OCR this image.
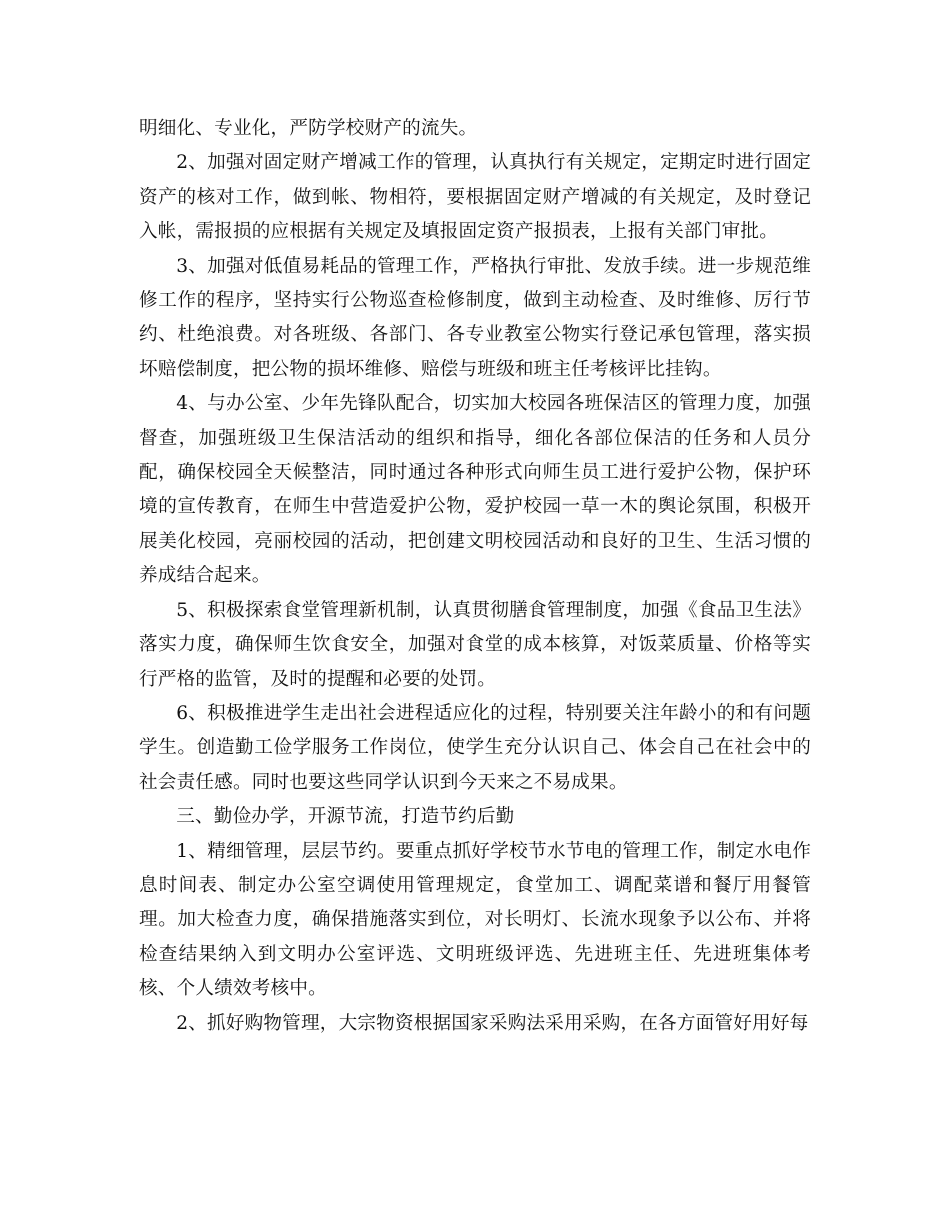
明细化、专业化，严防学校财产的流失。

2、加强对固定财产增减工作的管理，认真执行有关规定，定期定时进行固定资产的核对工作，做到帐、物相符，要根据固定财产增减的有关规定，及时登记入帐，需报损的应根据有关规定及填报固定资产报损表，上报有关部门审批。

3、加强对低值易耗品的管理工作，严格执行审批、发放手续。进一步规范维修工作的程序，坚持实行公物巡查检修制度，做到主动检查、及时维修、厉行节约、杜绝浪费。对各班级、各部门、各专业教室公物实行登记承包管理，落实损坏赔偿制度，把公物的损坏维修、赔偿与班级和班主任考核评比挂钩。

4、与办公室、少年先锋队配合，切实加大校园各班保洁区的管理力度，加强督查，加强班级卫生保洁活动的组织和指导，细化各部位保洁的任务和人员分配，确保校园全天候整洁，同时通过各种形式向师生员工进行爱护公物，保护环境的宣传教育，在师生中营造爱护公物，爱护校园一草一木的舆论氛围，积极开展美化校园，亮丽校园的活动，把创建文明校园活动和良好的卫生、生活习惯的养成结合起来。

5、积极探索食堂管理新机制，认真贯彻膳食管理制度，加强《食品卫生法》落实力度，确保师生饮食安全，加强对食堂的成本核算，对饭菜质量、价格等实行严格的监管，及时的提醒和必要的处罚。

6、积极推进学生走出社会进程适应化的过程，特别要关注年龄小的和有问题学生。创造勤工俭学服务工作岗位，使学生充分认识自己、体会自己在社会中的社会责任感。同时也要这些同学认识到今天来之不易成果。

三、勤俭办学，开源节流，打造节约后勤

1、精细管理，层层节约。要重点抓好学校节水节电的管理工作，制定水电作息时间表、制定办公室空调使用管理规定，食堂加工、调配菜谱和餐厅用餐管理。加大检查力度，确保措施落实到位，对长明灯、长流水现象予以公布、并将检查结果纳入到文明办公室评选、文明班级评选、先进班主任、先进班集体考核、个人绩效考核中。

2、抓好购物管理，大宗物资根据国家采购法采用采购，在各方面管好用好每
